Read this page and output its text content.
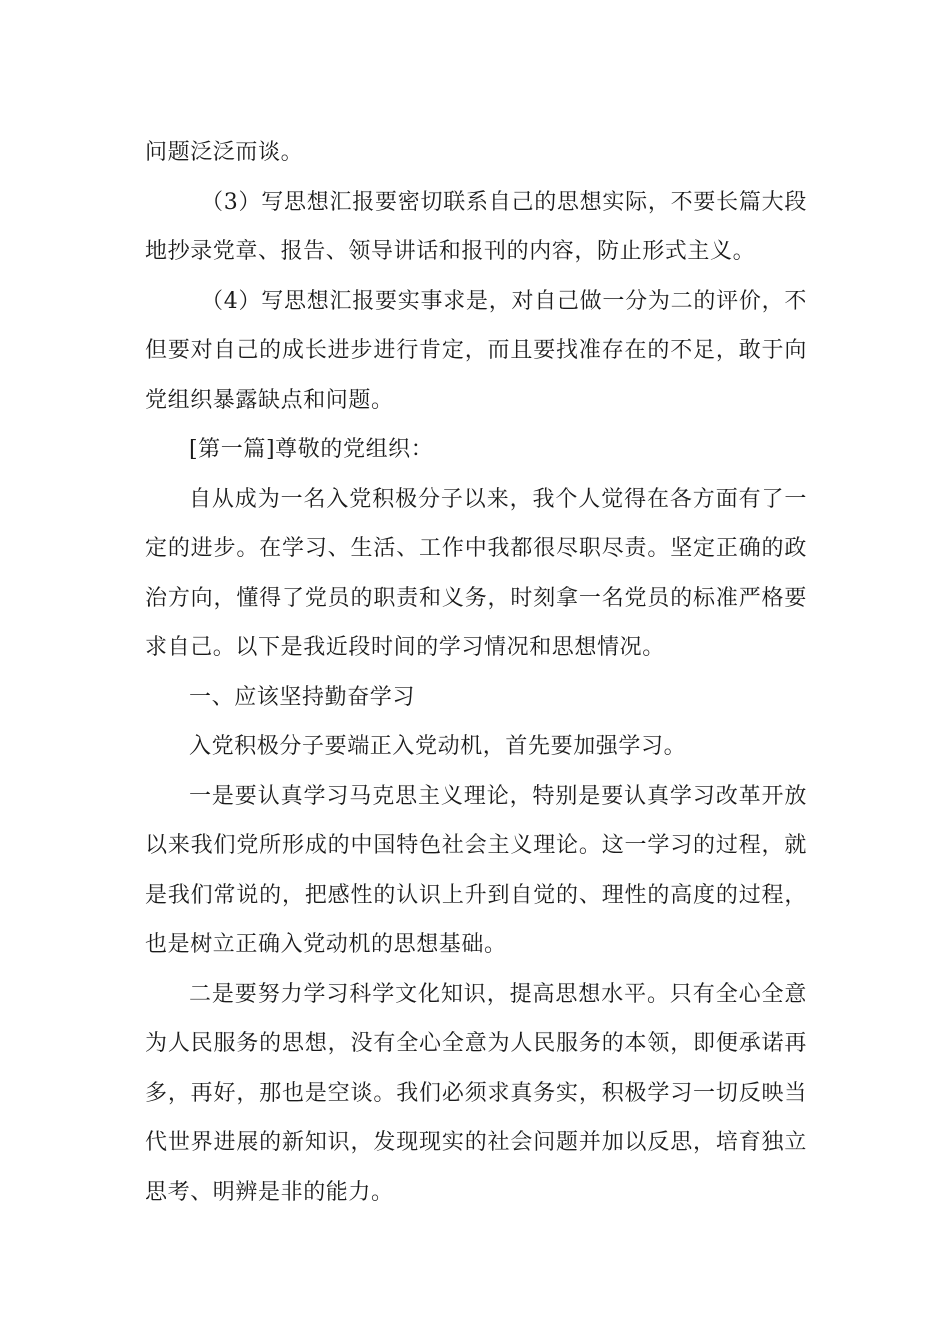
问题泛泛而谈。

（3）写思想汇报要密切联系自己的思想实际，不要长篇大段地抄录党章、报告、领导讲话和报刊的内容，防止形式主义。

（4）写思想汇报要实事求是，对自己做一分为二的评价，不但要对自己的成长进步进行肯定，而且要找准存在的不足，敢于向党组织暴露缺点和问题。

[第一篇]尊敬的党组织：

自从成为一名入党积极分子以来，我个人觉得在各方面有了一定的进步。在学习、生活、工作中我都很尽职尽责。坚定正确的政治方向，懂得了党员的职责和义务，时刻拿一名党员的标准严格要求自己。以下是我近段时间的学习情况和思想情况。

一、应该坚持勤奋学习

入党积极分子要端正入党动机，首先要加强学习。

一是要认真学习马克思主义理论，特别是要认真学习改革开放以来我们党所形成的中国特色社会主义理论。这一学习的过程，就是我们常说的，把感性的认识上升到自觉的、理性的高度的过程，也是树立正确入党动机的思想基础。

二是要努力学习科学文化知识，提高思想水平。只有全心全意为人民服务的思想，没有全心全意为人民服务的本领，即便承诺再多，再好，那也是空谈。我们必须求真务实，积极学习一切反映当代世界进展的新知识，发现现实的社会问题并加以反思，培育独立思考、明辨是非的能力。
